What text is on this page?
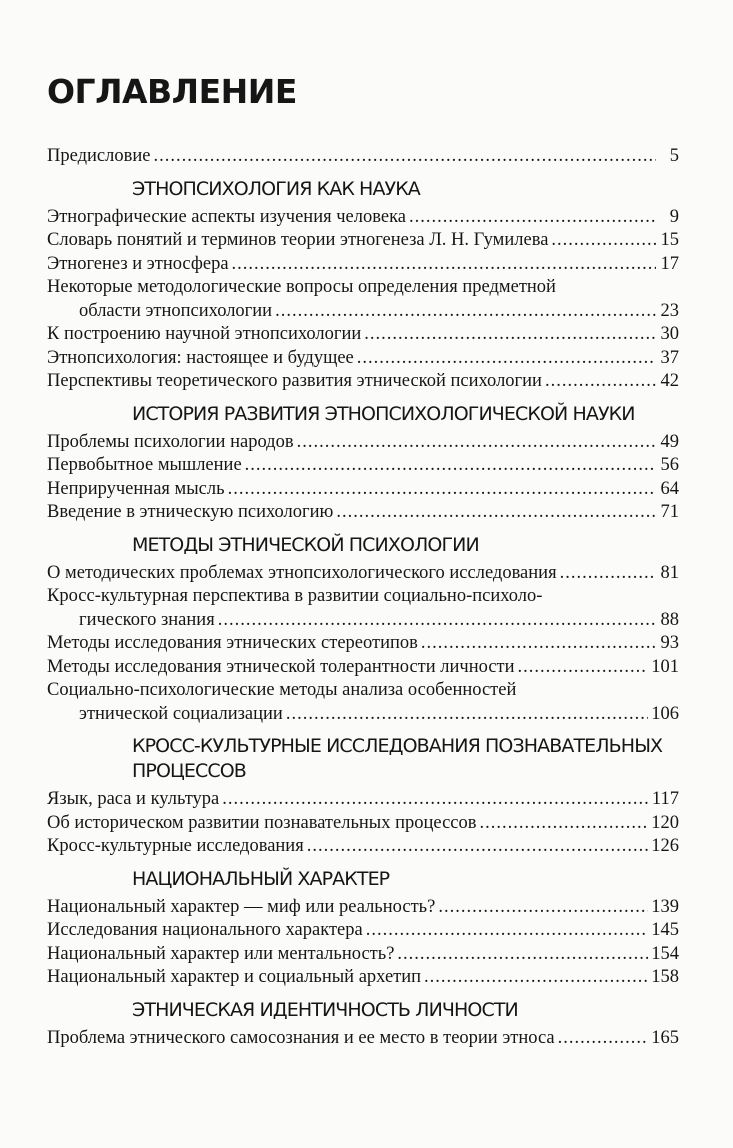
ОГЛАВЛЕНИЕ
Предисловие .....	5
ЭТНОПСИХОЛОГИЯ КАК НАУКА
Этнографические аспекты изучения человека .....	9
Словарь понятий и терминов теории этногенеза Л. Н. Гумилева .....	15
Этногенез и этносфера .....	17
Некоторые методологические вопросы определения предметной
области этнопсихологии .....	23
К построению научной этнопсихологии .....	30
Этнопсихология: настоящее и будущее .....	37
Перспективы теоретического развития этнической психологии .....	42
ИСТОРИЯ РАЗВИТИЯ ЭТНОПСИХОЛОГИЧЕСКОЙ НАУКИ
Проблемы психологии народов .....	49
Первобытное мышление .....	56
Неприрученная мысль .....	64
Введение в этническую психологию .....	71
МЕТОДЫ ЭТНИЧЕСКОЙ ПСИХОЛОГИИ
О методических проблемах этнопсихологического исследования .....	81
Кросс-культурная перспектива в развитии социально-психоло-
гического знания .....	88
Методы исследования этнических стереотипов .....	93
Методы исследования этнической толерантности личности .....	101
Социально-психологические методы анализа особенностей
этнической социализации .....	106
КРОСС-КУЛЬТУРНЫЕ ИССЛЕДОВАНИЯ ПОЗНАВАТЕЛЬНЫХ ПРОЦЕССОВ
Язык, раса и культура .....	117
Об историческом развитии познавательных процессов .....	120
Кросс-культурные исследования .....	126
НАЦИОНАЛЬНЫЙ ХАРАКТЕР
Национальный характер — миф или реальность? .....	139
Исследования национального характера .....	145
Национальный характер или ментальность? .....	154
Национальный характер и социальный архетип .....	158
ЭТНИЧЕСКАЯ ИДЕНТИЧНОСТЬ ЛИЧНОСТИ
Проблема этнического самосознания и ее место в теории этноса .....	165
